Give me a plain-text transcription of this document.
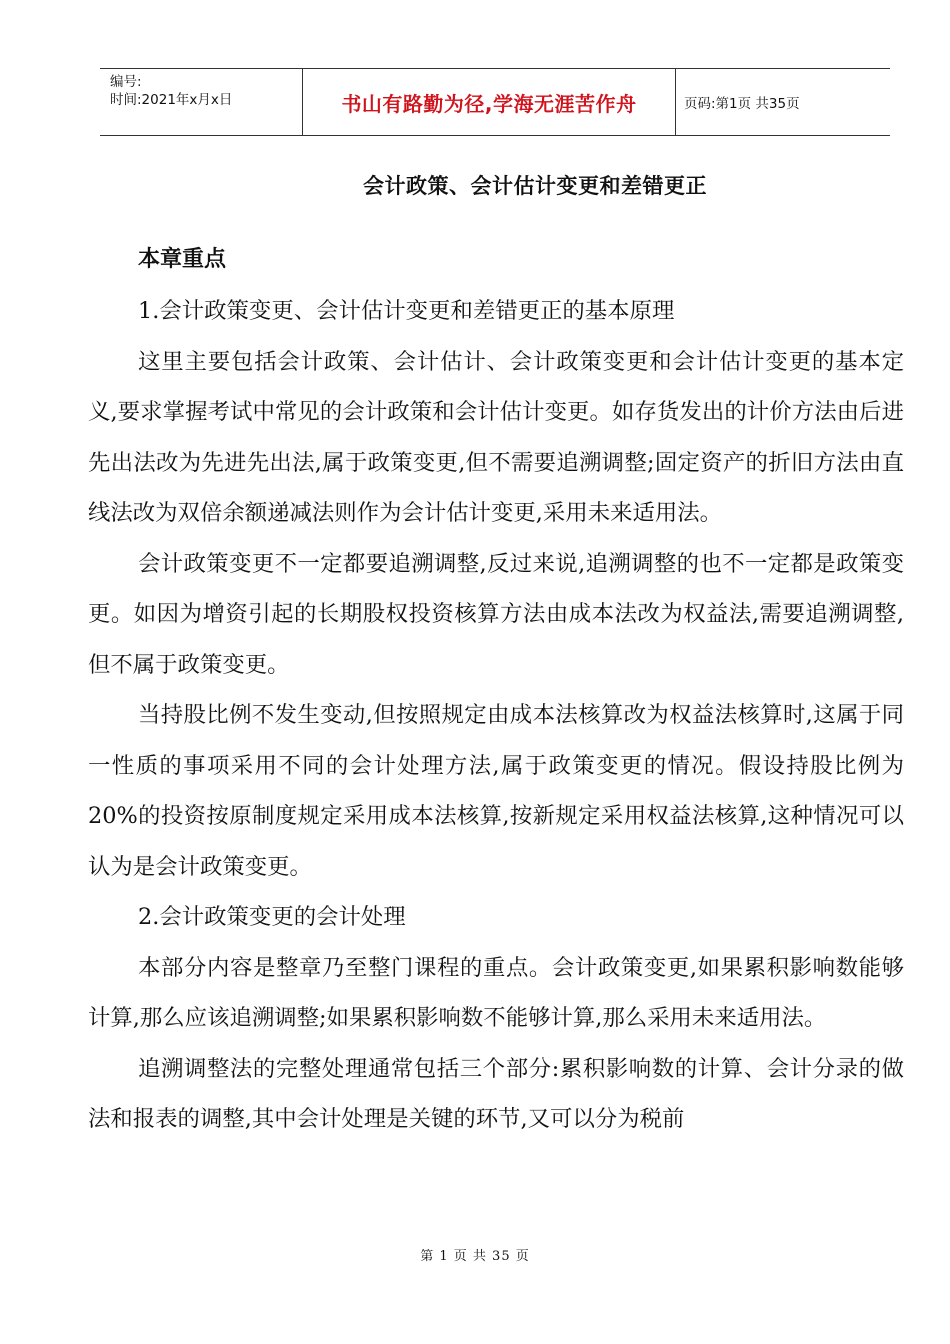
编号:
时间:2021年x月x日	书山有路勤为径,学海无涯苦作舟	页码:第1页 共35页
会计政策、会计估计变更和差错更正
本章重点

1.会计政策变更、会计估计变更和差错更正的基本原理

这里主要包括会计政策、会计估计、会计政策变更和会计估计变更的基本定义,要求掌握考试中常见的会计政策和会计估计变更。如存货发出的计价方法由后进先出法改为先进先出法,属于政策变更,但不需要追溯调整;固定资产的折旧方法由直线法改为双倍余额递减法则作为会计估计变更,采用未来适用法。

会计政策变更不一定都要追溯调整,反过来说,追溯调整的也不一定都是政策变更。如因为增资引起的长期股权投资核算方法由成本法改为权益法,需要追溯调整,但不属于政策变更。

当持股比例不发生变动,但按照规定由成本法核算改为权益法核算时,这属于同一性质的事项采用不同的会计处理方法,属于政策变更的情况。假设持股比例为20%的投资按原制度规定采用成本法核算,按新规定采用权益法核算,这种情况可以认为是会计政策变更。

2.会计政策变更的会计处理

本部分内容是整章乃至整门课程的重点。会计政策变更,如果累积影响数能够计算,那么应该追溯调整;如果累积影响数不能够计算,那么采用未来适用法。

追溯调整法的完整处理通常包括三个部分:累积影响数的计算、会计分录的做法和报表的调整,其中会计处理是关键的环节,又可以分为税前

第 1 页 共 35 页
